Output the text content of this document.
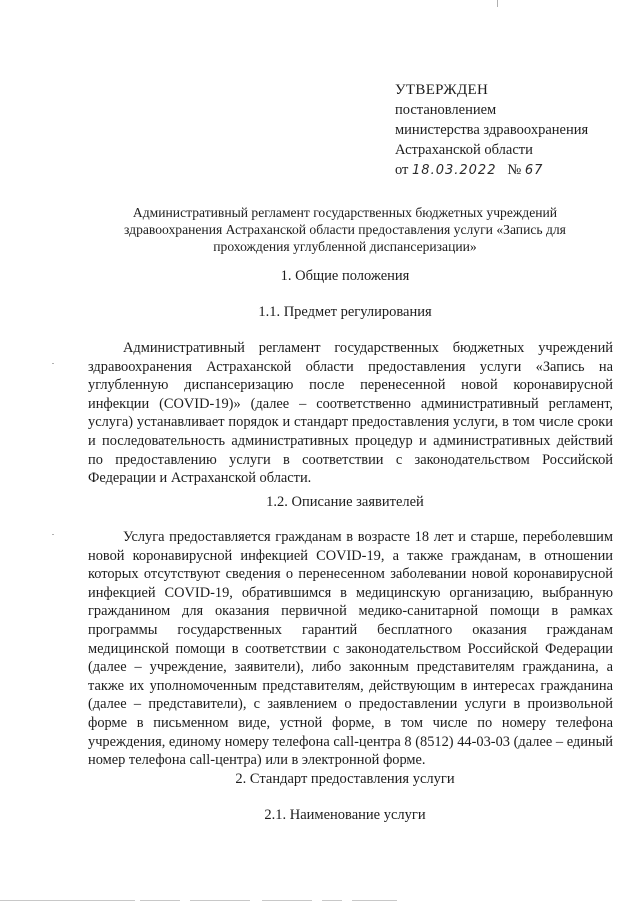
УТВЕРЖДЕН
постановлением
министерства здравоохранения
Астраханской области
от 18.03.2022 № 67
Административный регламент государственных бюджетных учреждений здравоохранения Астраханской области предоставления услуги «Запись для прохождения углубленной диспансеризации»
1. Общие положения
1.1. Предмет регулирования

Административный регламент государственных бюджетных учреждений здравоохранения Астраханской области предоставления услуги «Запись на углубленную диспансеризацию после перенесенной новой коронавирусной инфекции (COVID-19)» (далее – соответственно административный регламент, услуга) устанавливает порядок и стандарт предоставления услуги, в том числе сроки и последовательность административных процедур и административных действий по предоставлению услуги в соответствии с законодательством Российской Федерации и Астраханской области.

1.2. Описание заявителей

Услуга предоставляется гражданам в возрасте 18 лет и старше, переболевшим новой коронавирусной инфекцией COVID-19, а также гражданам, в отношении которых отсутствуют сведения о перенесенном заболевании новой коронавирусной инфекцией COVID-19, обратившимся в медицинскую организацию, выбранную гражданином для оказания первичной медико-санитарной помощи в рамках программы государственных гарантий бесплатного оказания гражданам медицинской помощи в соответствии с законодательством Российской Федерации (далее – учреждение, заявители), либо законным представителям гражданина, а также их уполномоченным представителям, действующим в интересах гражданина (далее – представители), с заявлением о предоставлении услуги в произвольной форме в письменном виде, устной форме, в том числе по номеру телефона учреждения, единому номеру телефона call-центра 8 (8512) 44-03-03 (далее – единый номер телефона call-центра) или в электронной форме.

2. Стандарт предоставления услуги
2.1. Наименование услуги
